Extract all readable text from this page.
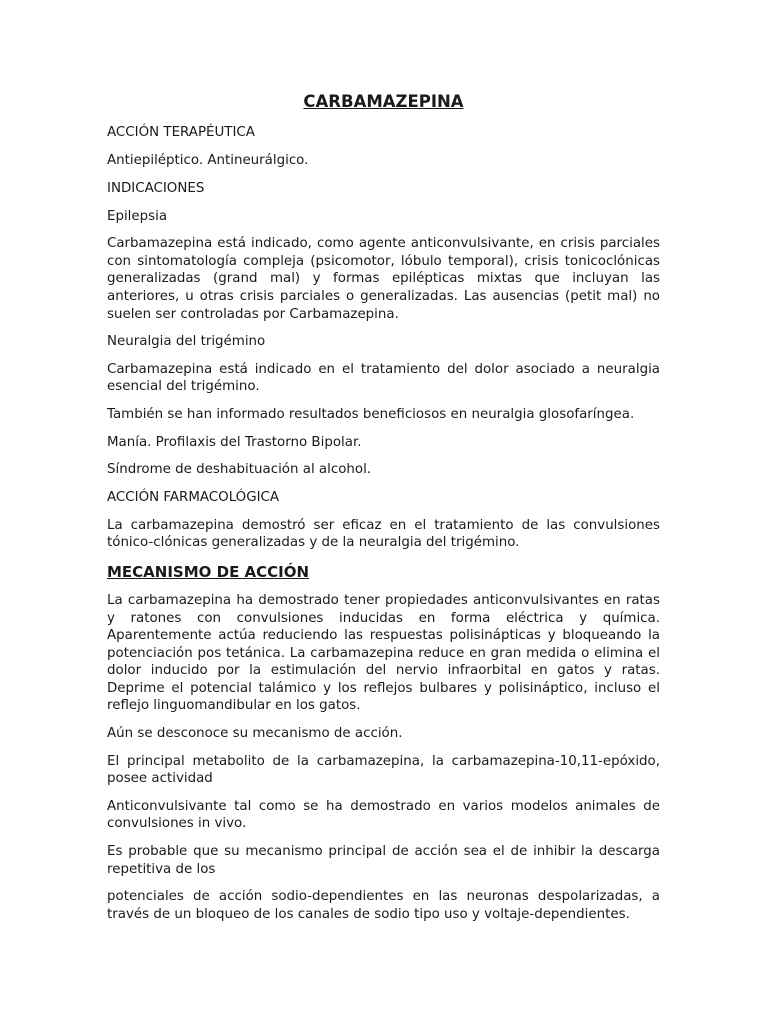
CARBAMAZEPINA
ACCIÓN TERAPÉUTICA

Antiepiléptico. Antineurálgico.

INDICACIONES

Epilepsia

Carbamazepina está indicado, como agente anticonvulsivante, en crisis parciales con sintomatología compleja (psicomotor, lóbulo temporal), crisis tonicoclónicas generalizadas (grand mal) y formas epilépticas mixtas que incluyan las anteriores, u otras crisis parciales o generalizadas. Las ausencias (petit mal) no suelen ser controladas por Carbamazepina.

Neuralgia del trigémino

Carbamazepina está indicado en el tratamiento del dolor asociado a neuralgia esencial del trigémino.

También se han informado resultados beneficiosos en neuralgia glosofaríngea.

Manía. Profilaxis del Trastorno Bipolar.

Síndrome de deshabituación al alcohol.

ACCIÓN FARMACOLÓGICA

La carbamazepina demostró ser eficaz en el tratamiento de las convulsiones tónico-clónicas generalizadas y de la neuralgia del trigémino.

MECANISMO DE ACCIÓN

La carbamazepina ha demostrado tener propiedades anticonvulsivantes en ratas y ratones con convulsiones inducidas en forma eléctrica y química. Aparentemente actúa reduciendo las respuestas polisinápticas y bloqueando la potenciación pos tetánica. La carbamazepina reduce en gran medida o elimina el dolor inducido por la estimulación del nervio infraorbital en gatos y ratas. Deprime el potencial talámico y los reflejos bulbares y polisináptico, incluso el reflejo linguomandibular en los gatos.

Aún se desconoce su mecanismo de acción.

El principal metabolito de la carbamazepina, la carbamazepina-10,11-epóxido, posee actividad

Anticonvulsivante tal como se ha demostrado en varios modelos animales de convulsiones in vivo.

Es probable que su mecanismo principal de acción sea el de inhibir la descarga repetitiva de los

potenciales de acción sodio-dependientes en las neuronas despolarizadas, a través de un bloqueo de los canales de sodio tipo uso y voltaje-dependientes.
